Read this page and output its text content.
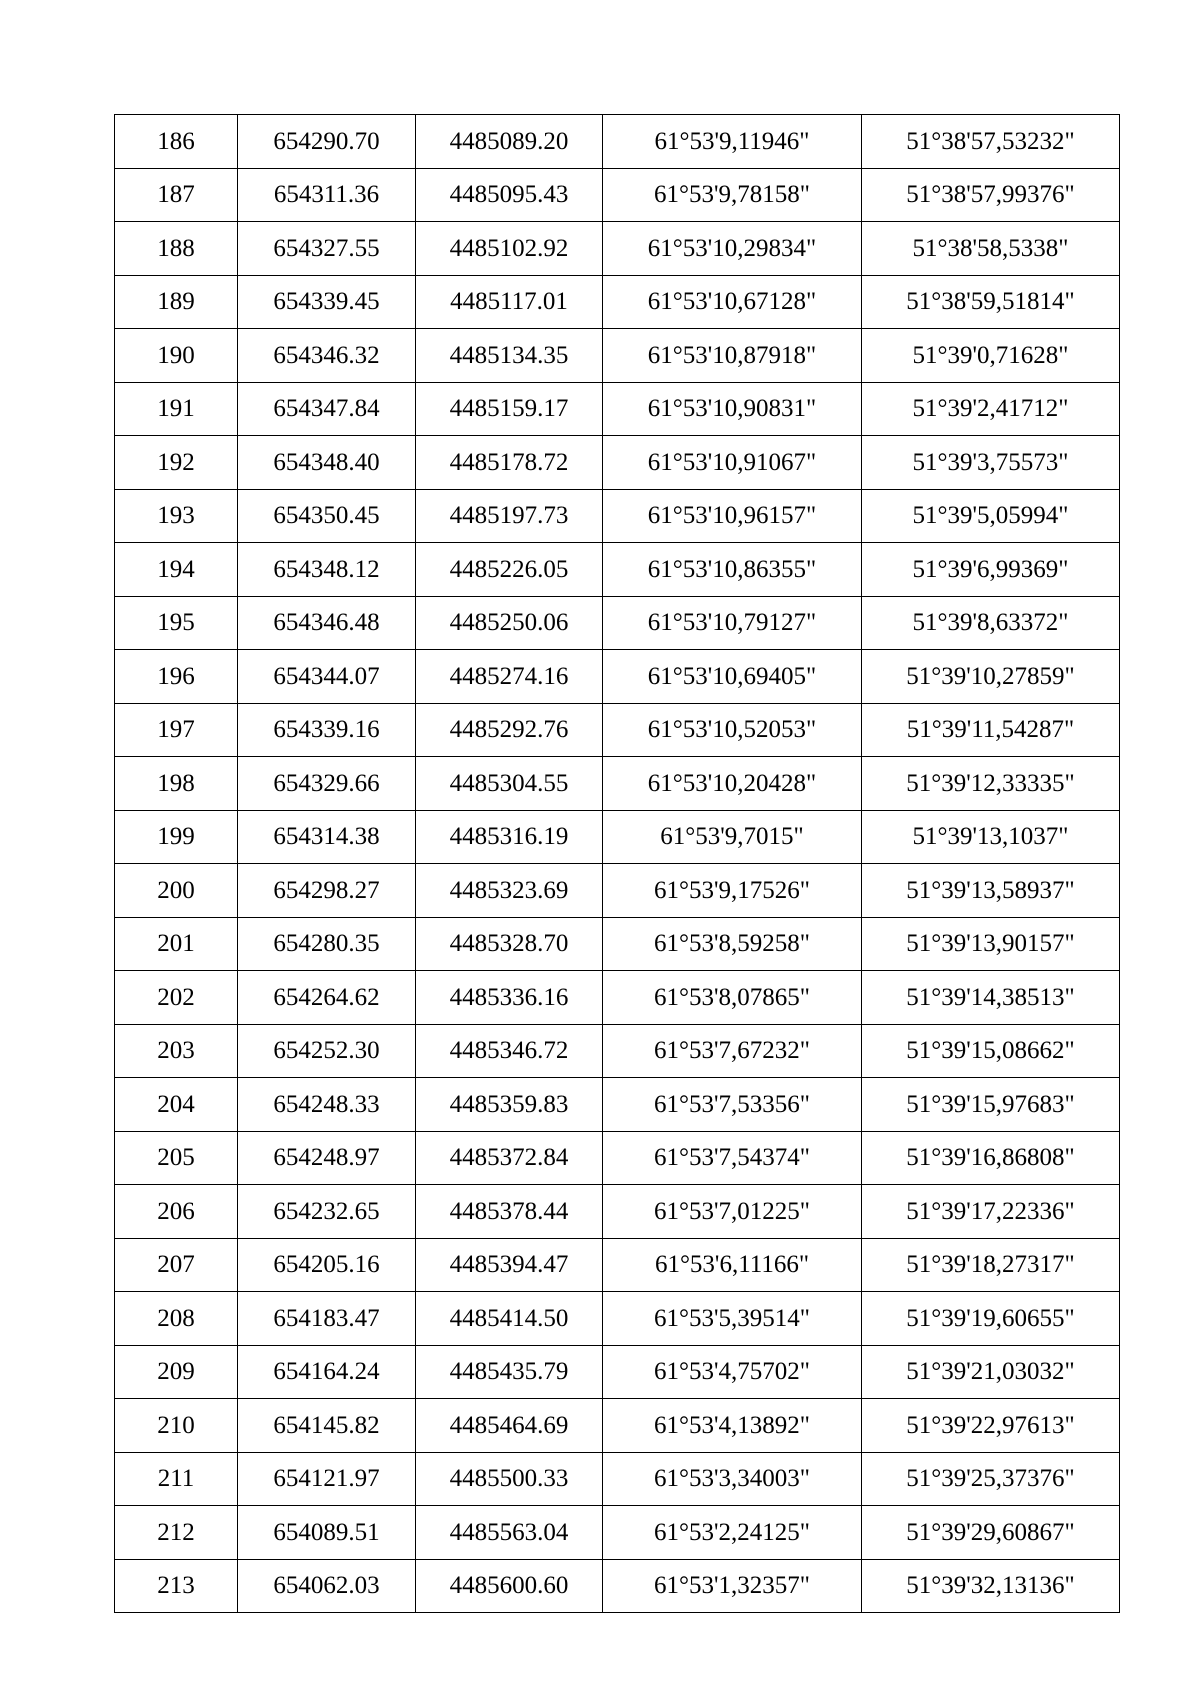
186	654290.70	4485089.20	61°53'9,11946"	51°38'57,53232"
187	654311.36	4485095.43	61°53'9,78158"	51°38'57,99376"
188	654327.55	4485102.92	61°53'10,29834"	51°38'58,5338"
189	654339.45	4485117.01	61°53'10,67128"	51°38'59,51814"
190	654346.32	4485134.35	61°53'10,87918"	51°39'0,71628"
191	654347.84	4485159.17	61°53'10,90831"	51°39'2,41712"
192	654348.40	4485178.72	61°53'10,91067"	51°39'3,75573"
193	654350.45	4485197.73	61°53'10,96157"	51°39'5,05994"
194	654348.12	4485226.05	61°53'10,86355"	51°39'6,99369"
195	654346.48	4485250.06	61°53'10,79127"	51°39'8,63372"
196	654344.07	4485274.16	61°53'10,69405"	51°39'10,27859"
197	654339.16	4485292.76	61°53'10,52053"	51°39'11,54287"
198	654329.66	4485304.55	61°53'10,20428"	51°39'12,33335"
199	654314.38	4485316.19	61°53'9,7015"	51°39'13,1037"
200	654298.27	4485323.69	61°53'9,17526"	51°39'13,58937"
201	654280.35	4485328.70	61°53'8,59258"	51°39'13,90157"
202	654264.62	4485336.16	61°53'8,07865"	51°39'14,38513"
203	654252.30	4485346.72	61°53'7,67232"	51°39'15,08662"
204	654248.33	4485359.83	61°53'7,53356"	51°39'15,97683"
205	654248.97	4485372.84	61°53'7,54374"	51°39'16,86808"
206	654232.65	4485378.44	61°53'7,01225"	51°39'17,22336"
207	654205.16	4485394.47	61°53'6,11166"	51°39'18,27317"
208	654183.47	4485414.50	61°53'5,39514"	51°39'19,60655"
209	654164.24	4485435.79	61°53'4,75702"	51°39'21,03032"
210	654145.82	4485464.69	61°53'4,13892"	51°39'22,97613"
211	654121.97	4485500.33	61°53'3,34003"	51°39'25,37376"
212	654089.51	4485563.04	61°53'2,24125"	51°39'29,60867"
213	654062.03	4485600.60	61°53'1,32357"	51°39'32,13136"
